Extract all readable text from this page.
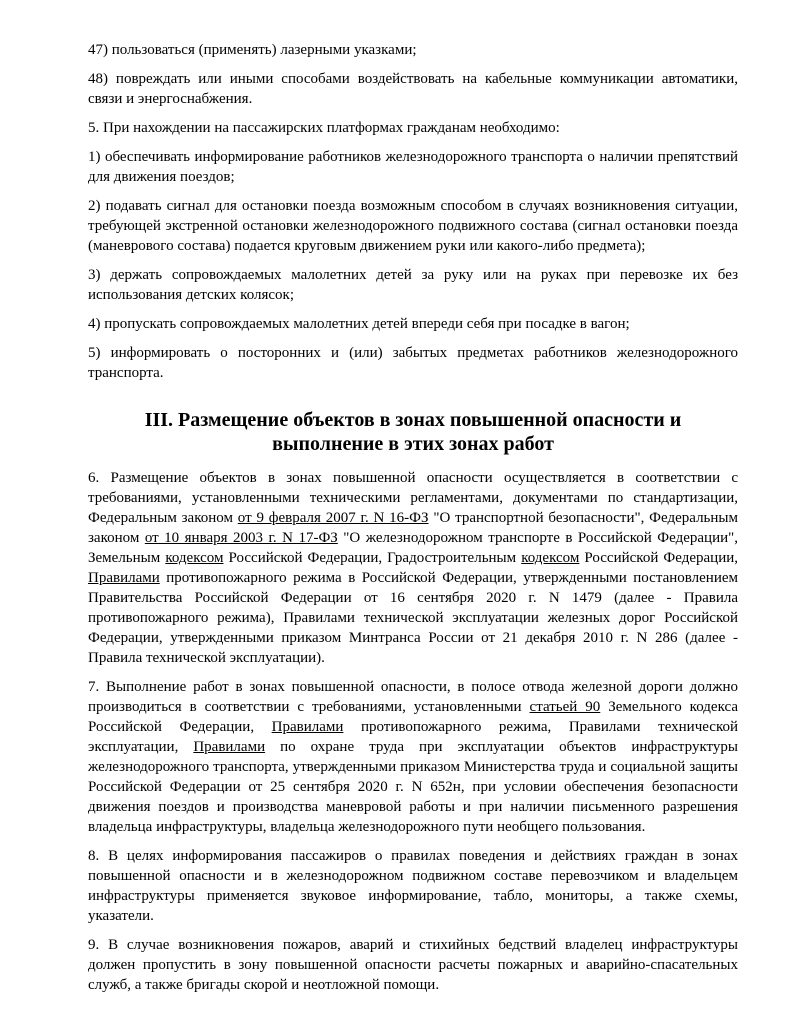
47) пользоваться (применять) лазерными указками;

48) повреждать или иными способами воздействовать на кабельные коммуникации автоматики, связи и энергоснабжения.

5. При нахождении на пассажирских платформах гражданам необходимо:

1) обеспечивать информирование работников железнодорожного транспорта о наличии препятствий для движения поездов;

2) подавать сигнал для остановки поезда возможным способом в случаях возникновения ситуации, требующей экстренной остановки железнодорожного подвижного состава (сигнал остановки поезда (маневрового состава) подается круговым движением руки или какого-либо предмета);

3) держать сопровождаемых малолетних детей за руку или на руках при перевозке их без использования детских колясок;

4) пропускать сопровождаемых малолетних детей впереди себя при посадке в вагон;

5) информировать о посторонних и (или) забытых предметах работников железнодорожного транспорта.

III. Размещение объектов в зонах повышенной опасности и
выполнение в этих зонах работ

6. Размещение объектов в зонах повышенной опасности осуществляется в соответствии с требованиями, установленными техническими регламентами, документами по стандартизации, Федеральным законом от 9 февраля 2007 г. N 16-ФЗ "О транспортной безопасности", Федеральным законом от 10 января 2003 г. N 17-ФЗ "О железнодорожном транспорте в Российской Федерации", Земельным кодексом Российской Федерации, Градостроительным кодексом Российской Федерации, Правилами противопожарного режима в Российской Федерации, утвержденными постановлением Правительства Российской Федерации от 16 сентября 2020 г. N 1479 (далее - Правила противопожарного режима), Правилами технической эксплуатации железных дорог Российской Федерации, утвержденными приказом Минтранса России от 21 декабря 2010 г. N 286 (далее - Правила технической эксплуатации).

7. Выполнение работ в зонах повышенной опасности, в полосе отвода железной дороги должно производиться в соответствии с требованиями, установленными статьей 90 Земельного кодекса Российской Федерации, Правилами противопожарного режима, Правилами технической эксплуатации, Правилами по охране труда при эксплуатации объектов инфраструктуры железнодорожного транспорта, утвержденными приказом Министерства труда и социальной защиты Российской Федерации от 25 сентября 2020 г. N 652н, при условии обеспечения безопасности движения поездов и производства маневровой работы и при наличии письменного разрешения владельца инфраструктуры, владельца железнодорожного пути необщего пользования.

8. В целях информирования пассажиров о правилах поведения и действиях граждан в зонах повышенной опасности и в железнодорожном подвижном составе перевозчиком и владельцем инфраструктуры применяется звуковое информирование, табло, мониторы, а также схемы, указатели.

9. В случае возникновения пожаров, аварий и стихийных бедствий владелец инфраструктуры должен пропустить в зону повышенной опасности расчеты пожарных и аварийно-спасательных служб, а также бригады скорой и неотложной помощи.
